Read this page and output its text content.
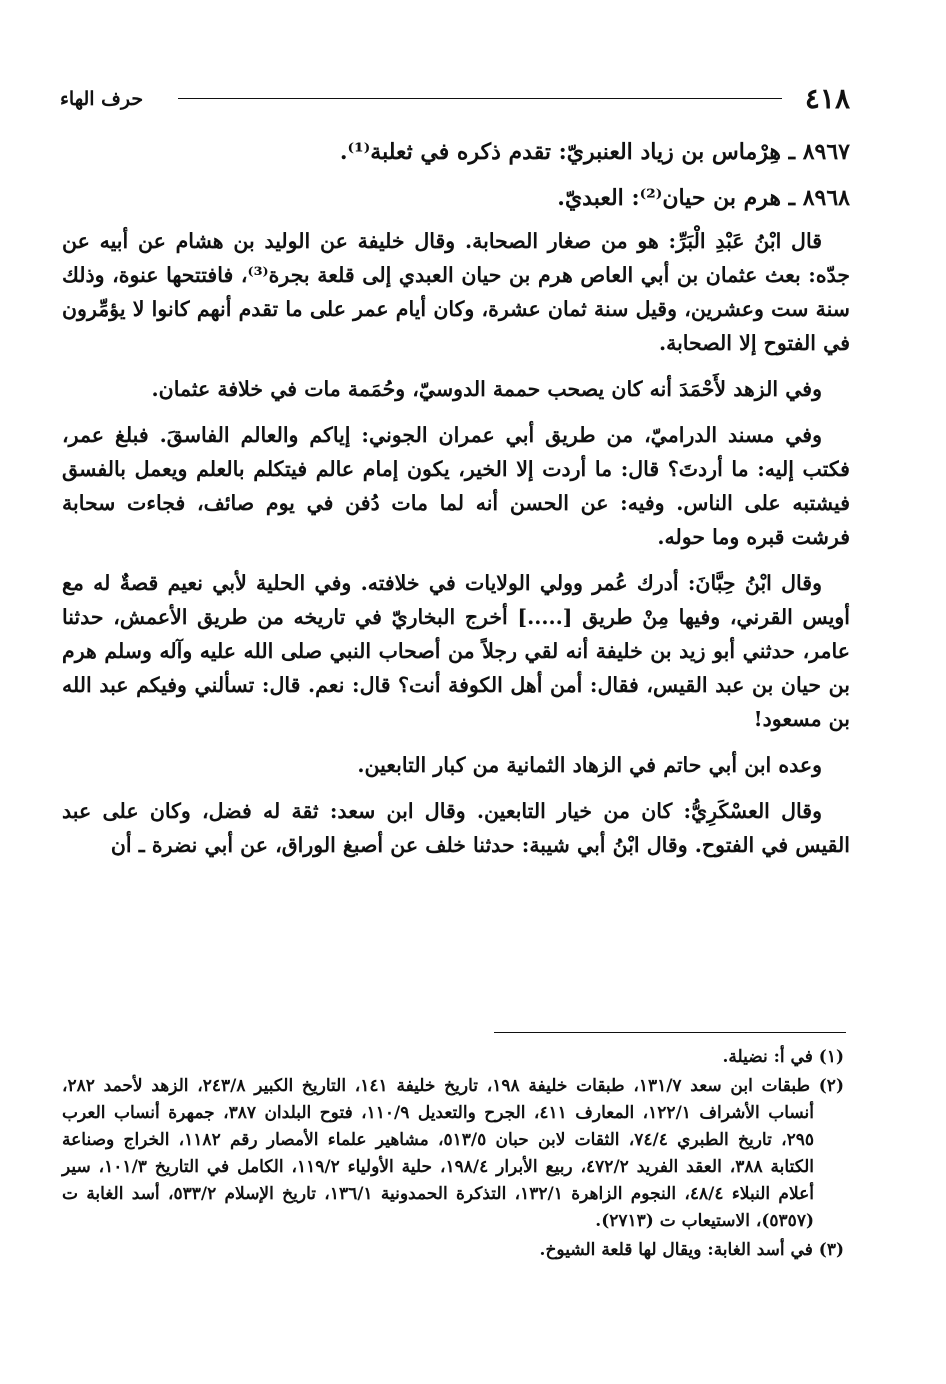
٤١٨
حرف الهاء

٨٩٦٧ ـ هِرْماس بن زياد العنبريّ: تقدم ذكره في ثعلبة⁽¹⁾.

٨٩٦٨ ـ هرم بن حيان⁽²⁾: العبديّ.

قال ابْنُ عَبْدِ الْبَرِّ: هو من صغار الصحابة. وقال خليفة عن الوليد بن هشام عن أبيه عن جدّه: بعث عثمان بن أبي العاص هرم بن حيان العبدي إلى قلعة بجرة⁽³⁾، فافتتحها عنوة، وذلك سنة ست وعشرين، وقيل سنة ثمان عشرة، وكان أيام عمر على ما تقدم أنهم كانوا لا يؤمِّرون في الفتوح إلا الصحابة.

وفي الزهد لأَحْمَدَ أنه كان يصحب حممة الدوسيّ، وحُمَمة مات في خلافة عثمان.

وفي مسند الدراميّ، من طريق أبي عمران الجوني: إياكم والعالم الفاسقَ. فبلغ عمر، فكتب إليه: ما أردتَ؟ قال: ما أردت إلا الخير، يكون إمام عالم فيتكلم بالعلم ويعمل بالفسق فيشتبه على الناس. وفيه: عن الحسن أنه لما مات دُفن في يوم صائف، فجاءت سحابة فرشت قبره وما حوله.

وقال ابْنُ حِبَّانَ: أدرك عُمر وولي الولايات في خلافته. وفي الحلية لأبي نعيم قصةٌ له مع أويس القرني، وفيها مِنْ طريق [.....] أخرج البخاريّ في تاريخه من طريق الأعمش، حدثنا عامر، حدثني أبو زيد بن خليفة أنه لقي رجلاً من أصحاب النبي صلى الله عليه وآله وسلم هرم بن حيان بن عبد القيس، فقال: أمن أهل الكوفة أنت؟ قال: نعم. قال: تسألني وفيكم عبد الله بن مسعود!

وعده ابن أبي حاتم في الزهاد الثمانية من كبار التابعين.

وقال العسْكَرِيُّ: كان من خيار التابعين. وقال ابن سعد: ثقة له فضل، وكان على عبد القيس في الفتوح. وقال ابْنُ أبي شيبة: حدثنا خلف عن أصبغ الوراق، عن أبي نضرة ـ أن

(١) في أ: نضيلة.

(٢) طبقات ابن سعد ١٣١/٧، طبقات خليفة ١٩٨، تاريخ خليفة ١٤١، التاريخ الكبير ٢٤٣/٨، الزهد لأحمد ٢٨٢، أنساب الأشراف ١٢٢/١، المعارف ٤١١، الجرح والتعديل ١١٠/٩، فتوح البلدان ٣٨٧، جمهرة أنساب العرب ٢٩٥، تاريخ الطبري ٧٤/٤، الثقات لابن حبان ٥١٣/٥، مشاهير علماء الأمصار رقم ١١٨٢، الخراج وصناعة الكتابة ٣٨٨، العقد الفريد ٤٧٢/٢، ربيع الأبرار ١٩٨/٤، حلية الأولياء ١١٩/٢، الكامل في التاريخ ١٠١/٣، سير أعلام النبلاء ٤٨/٤، النجوم الزاهرة ١٣٢/١، التذكرة الحمدونية ١٣٦/١، تاريخ الإسلام ٥٣٣/٢، أسد الغابة ت (٥٣٥٧)، الاستيعاب ت (٢٧١٣).

(٣) في أسد الغابة: ويقال لها قلعة الشيوخ.
